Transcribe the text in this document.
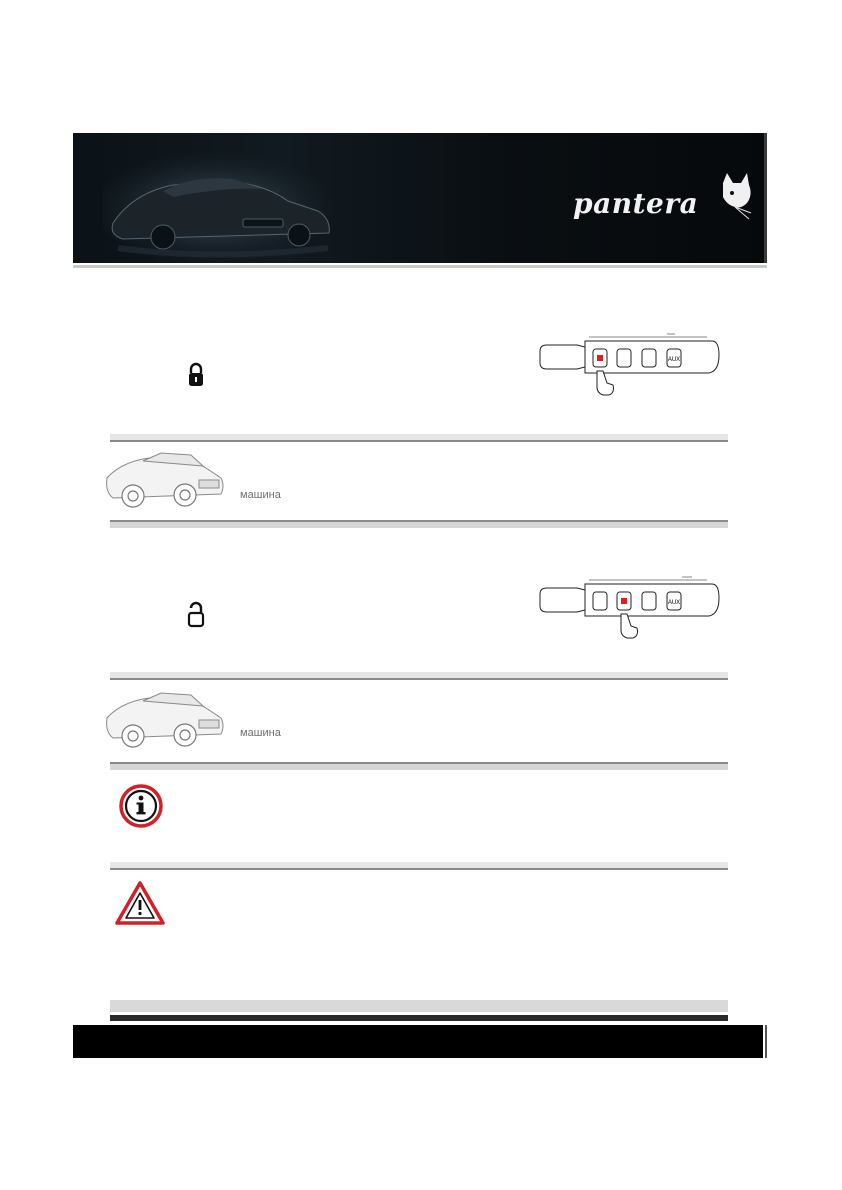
pantera
AUX
машина
AUX
машина
